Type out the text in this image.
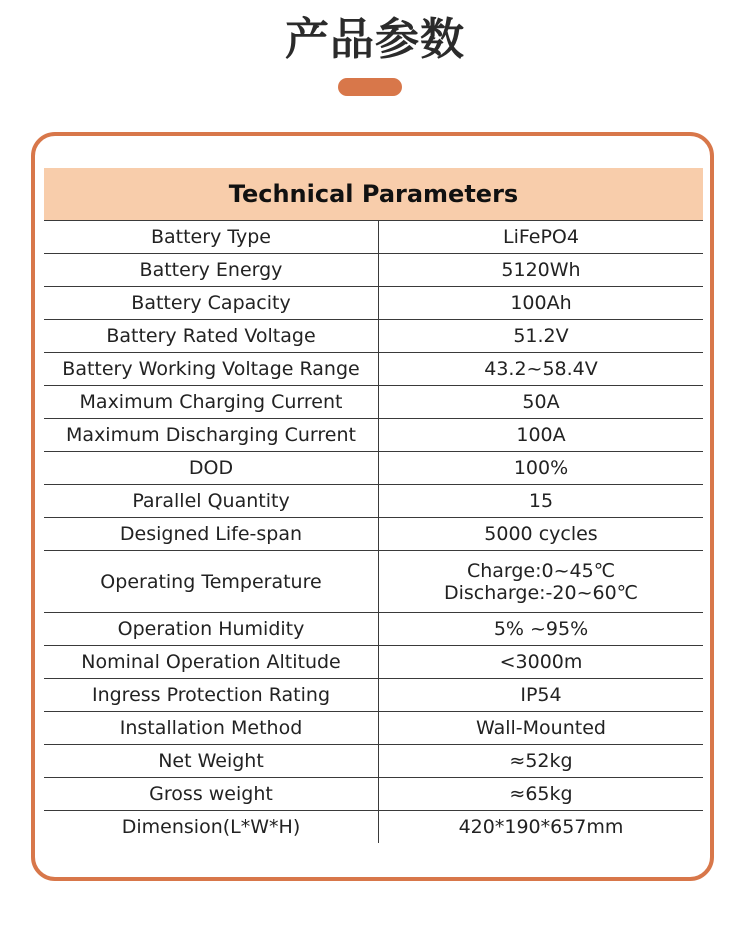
产品参数
Technical Parameters
Battery Type	LiFePO4
Battery Energy	5120Wh
Battery Capacity	100Ah
Battery Rated Voltage	51.2V
Battery Working Voltage Range	43.2~58.4V
Maximum Charging Current	50A
Maximum Discharging Current	100A
DOD	100%
Parallel Quantity	15
Designed Life-span	5000 cycles
Operating Temperature	Charge:0~45℃
Discharge:-20~60℃

Operation Humidity	5% ~95%
Nominal Operation Altitude	<3000m
Ingress Protection Rating	IP54
Installation Method	Wall-Mounted
Net Weight	≈52kg
Gross weight	≈65kg
Dimension(L*W*H)	420*190*657mm
